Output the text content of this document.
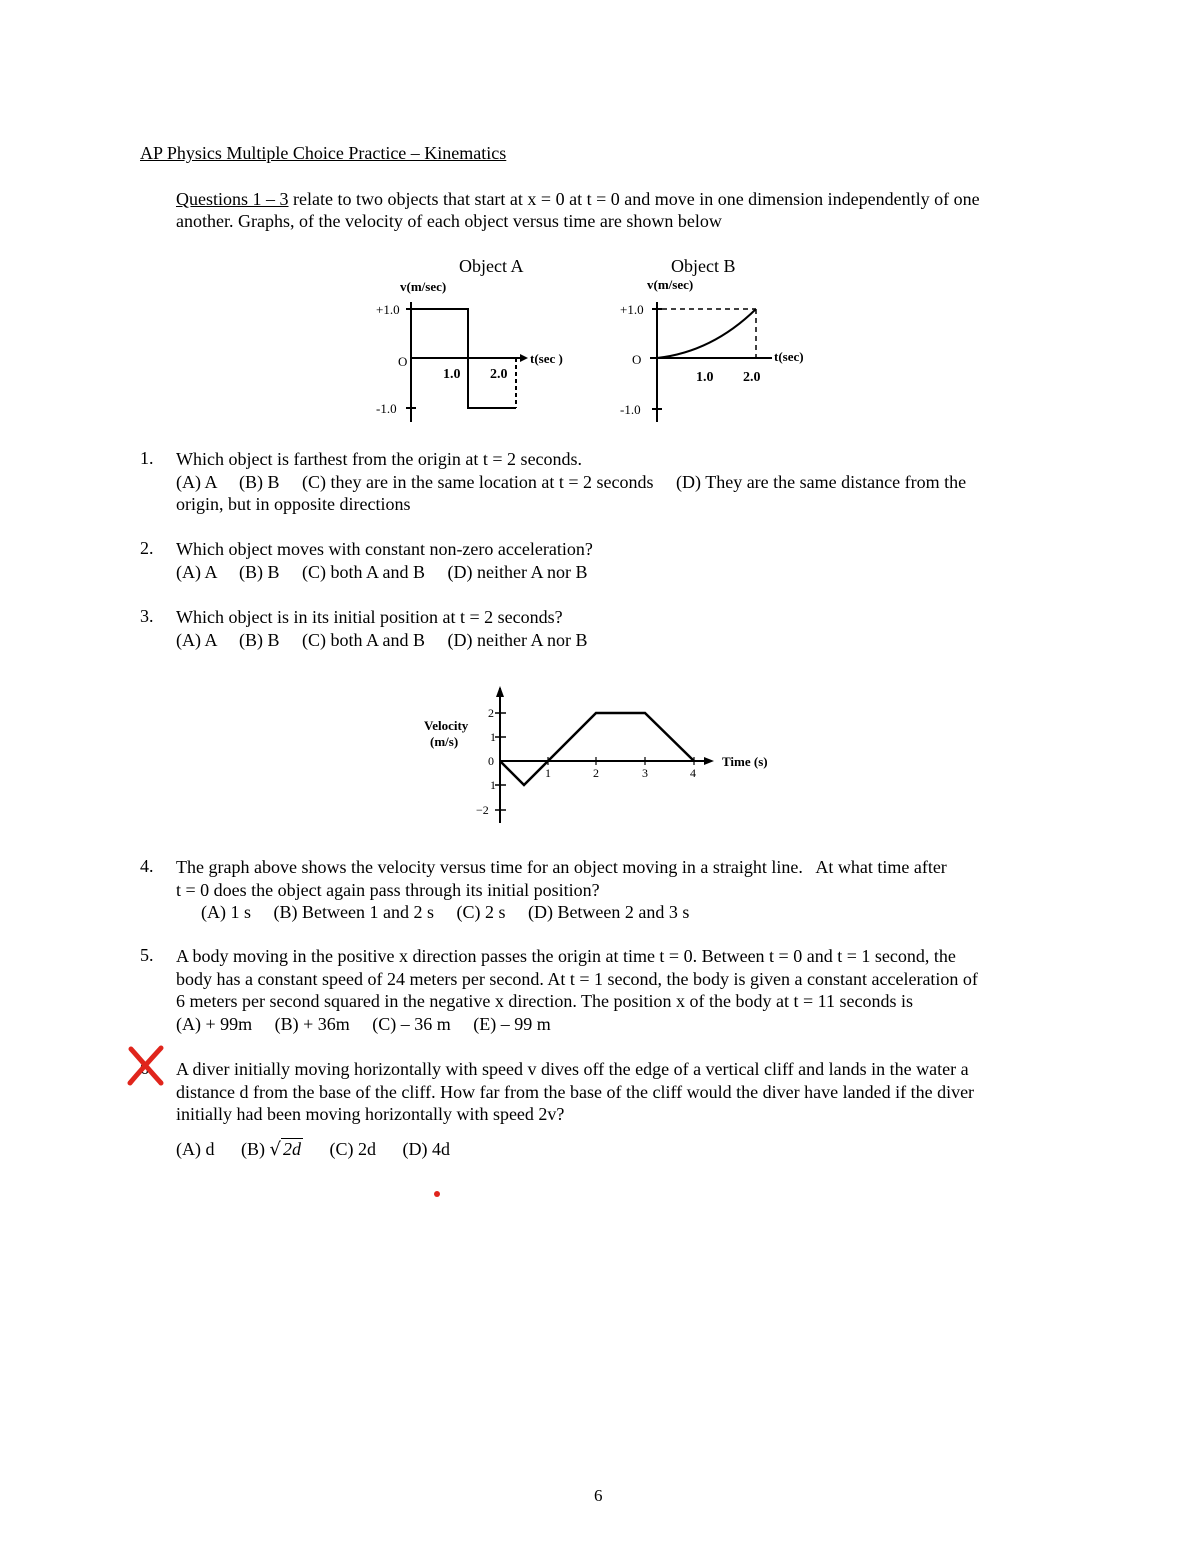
AP Physics Multiple Choice Practice – Kinematics
Questions 1 – 3 relate to two objects that start at x = 0 at t = 0 and move in one dimension independently of one
another. Graphs, of the velocity of each object versus time are shown below
Object A
v(m/sec)
+1.0
O
-1.0
t(sec )
1.0 2.0
Object B
v(m/sec)
+1.0
O
-1.0
t(sec)
1.0 2.0
1. Which object is farthest from the origin at t = 2 seconds.
(A) A     (B) B     (C) they are in the same location at t = 2 seconds     (D) They are the same distance from the
origin, but in opposite directions
2. Which object moves with constant non-zero acceleration?
(A) A     (B) B     (C) both A and B     (D) neither A nor B
3. Which object is in its initial position at t = 2 seconds?
(A) A     (B) B     (C) both A and B     (D) neither A nor B
Velocity
(m/s)
2
1
0
1
−2
1	2	3	4
Time (s)
4. The graph above shows the velocity versus time for an object moving in a straight line.   At what time after
t = 0 does the object again pass through its initial position?
(A) 1 s     (B) Between 1 and 2 s     (C) 2 s     (D) Between 2 and 3 s
5. A body moving in the positive x direction passes the origin at time t = 0. Between t = 0 and t = 1 second, the
body has a constant speed of 24 meters per second. At t = 1 second, the body is given a constant acceleration of
6 meters per second squared in the negative x direction. The position x of the body at t = 11 seconds is
(A) + 99m     (B) + 36m     (C) – 36 m     (E) – 99 m
6. A diver initially moving horizontally with speed v dives off the edge of a vertical cliff and lands in the water a
distance d from the base of the cliff. How far from the base of the cliff would the diver have landed if the diver
initially had been moving horizontally with speed 2v?
(A) d (B) √ 2d (C) 2d (D) 4d
6
